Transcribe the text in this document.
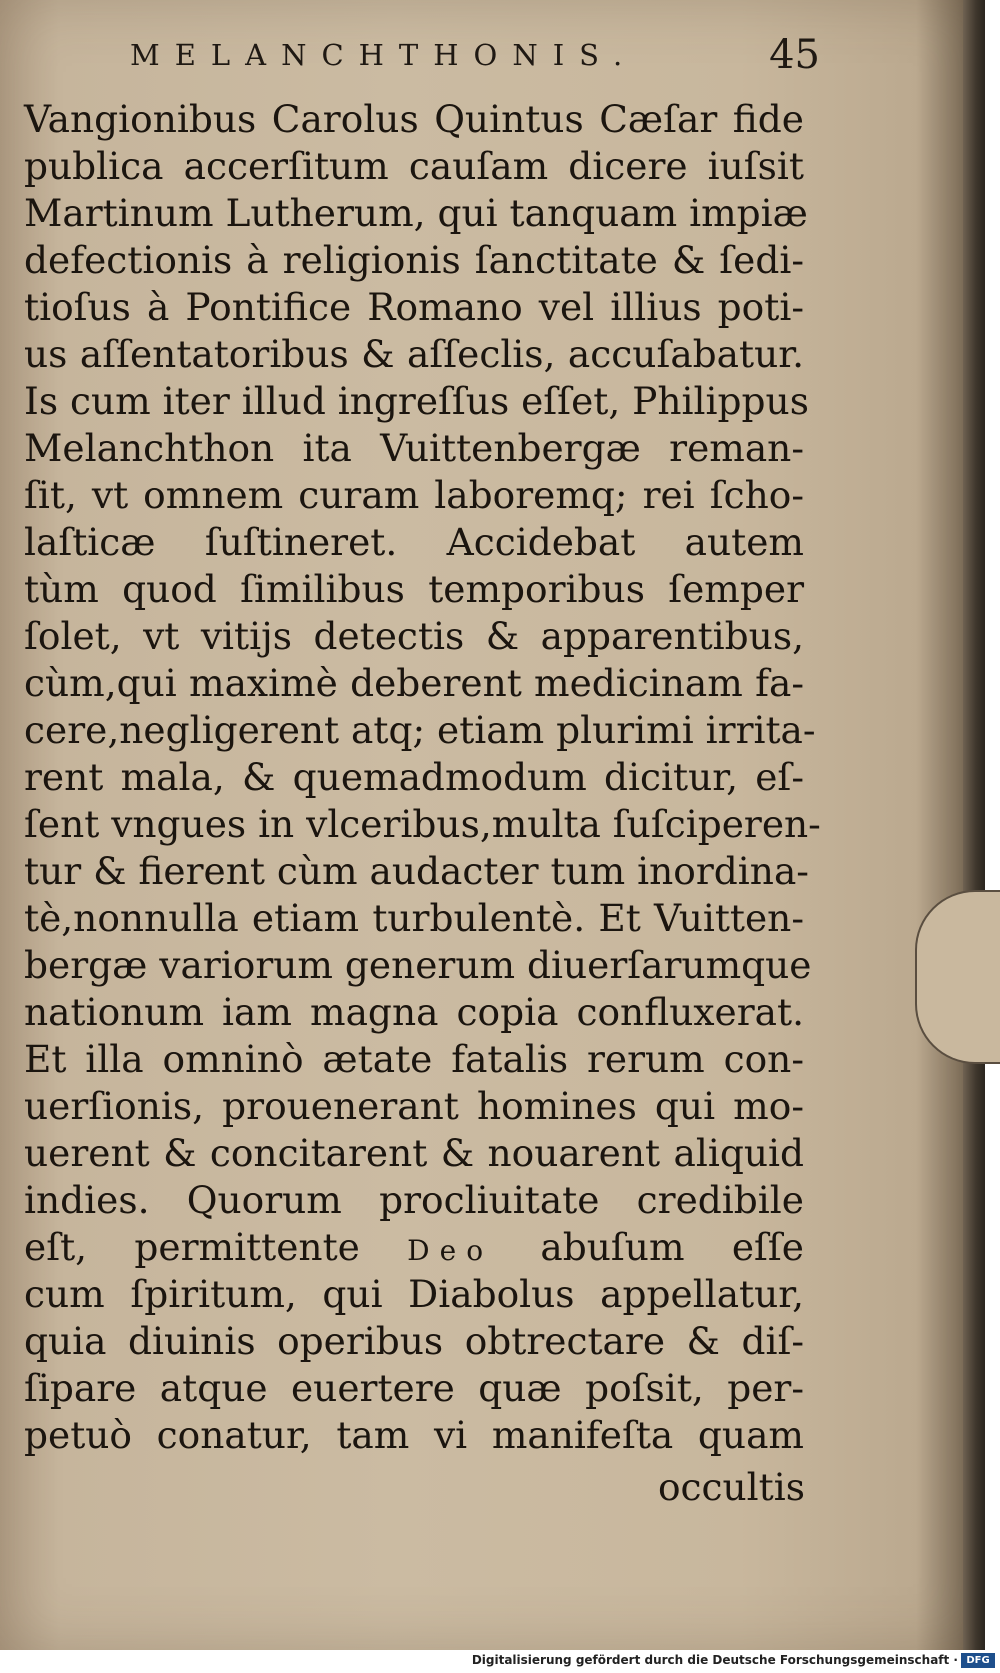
MELANCHTHONIS.	45
Vangionibus Carolus Quintus Cæſar fide
publica accerſitum cauſam dicere iuſsit
Martinum Lutherum, qui tanquam impiæ
defectionis à religionis ſanctitate & ſedi-
tioſus à Pontifice Romano vel illius poti-
us aſſentatoribus & aſſeclis, accuſabatur.
Is cum iter illud ingreſſus eſſet, Philippus
Melanchthon ita Vuittenbergæ reman-
ſit, vt omnem curam laboremq; rei ſcho-
laſticæ ſuſtineret. Accidebat autem
tùm quod ſimilibus temporibus ſemper
ſolet, vt vitijs detectis & apparentibus,
cùm,qui maximè deberent medicinam fa-
cere,negligerent atq; etiam plurimi irrita-
rent mala, & quemadmodum dicitur, eſ-
ſent vngues in vlceribus,multa ſuſciperen-
tur & fierent cùm audacter tum inordina-
tè,nonnulla etiam turbulentè. Et Vuitten-
bergæ variorum generum diuerſarumque
nationum iam magna copia confluxerat.
Et illa omninò ætate fatalis rerum con-
uerſionis, prouenerant homines qui mo-
uerent & concitarent & nouarent aliquid
indies. Quorum procliuitate credibile
eſt, permittente Deo abuſum eſſe
cum ſpiritum, qui Diabolus appellatur,
quia diuinis operibus obtrectare & diſ-
ſipare atque euertere quæ poſsit, per-
petuò conatur, tam vi manifeſta quam
occultis
Digitalisierung gefördert durch die Deutsche Forschungsgemeinschaft · DFG
